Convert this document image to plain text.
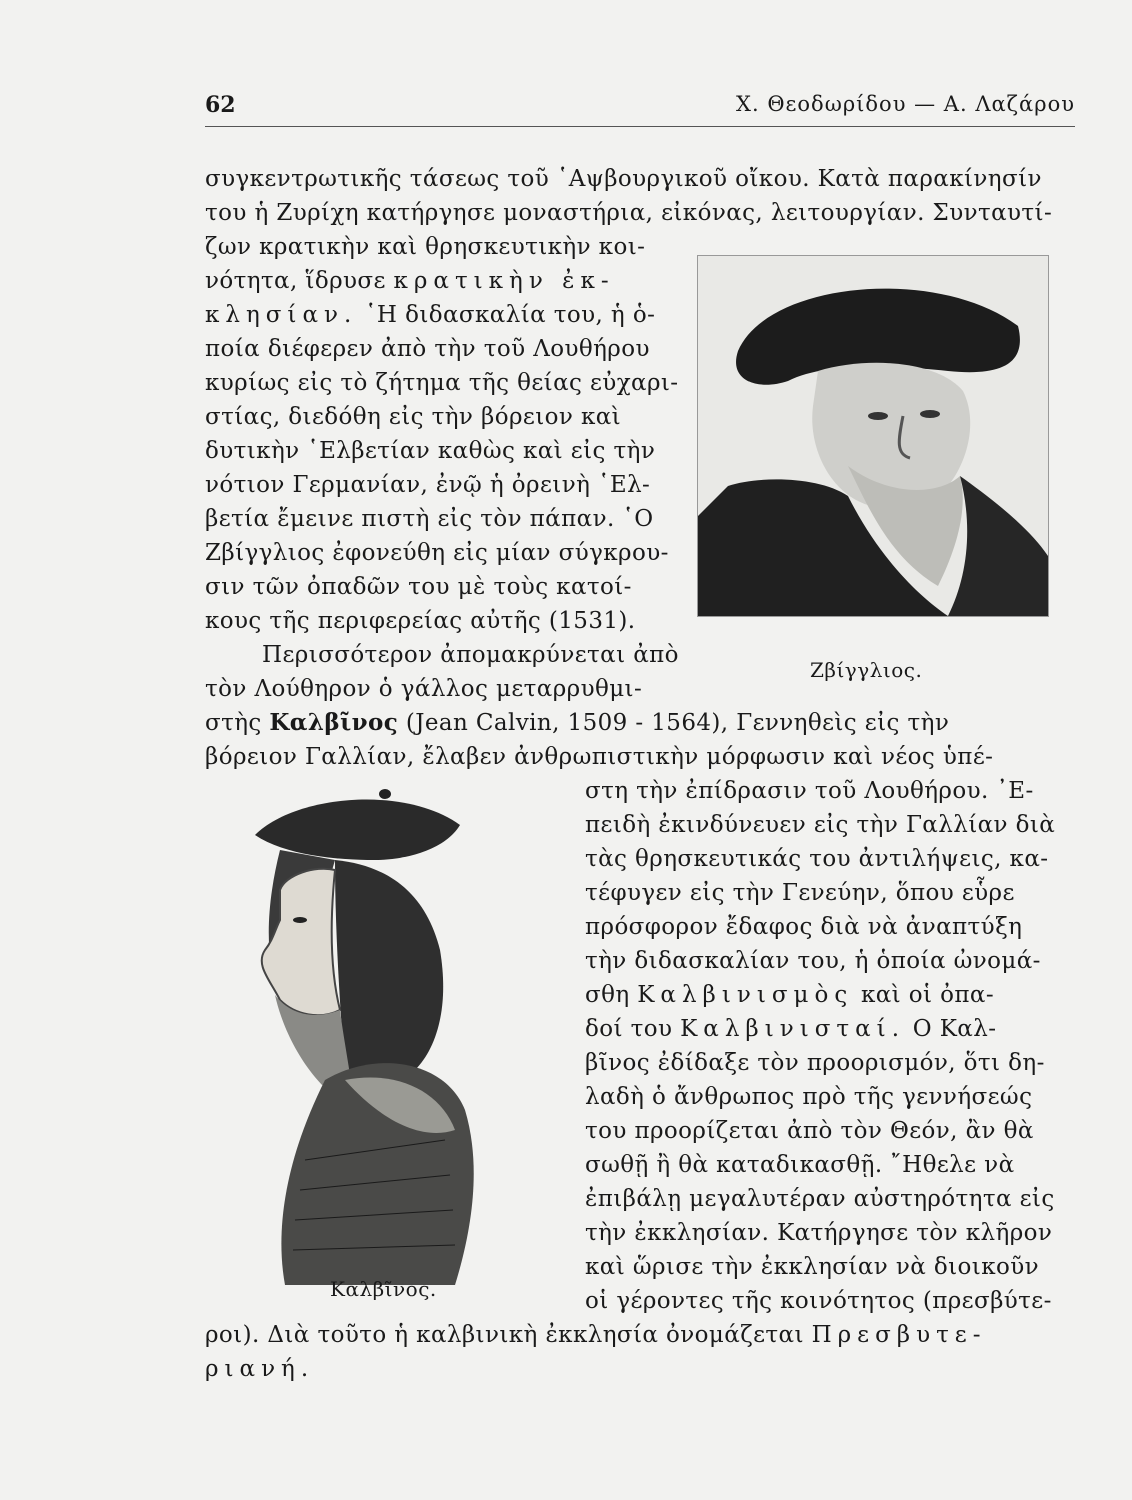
62	Χ. Θεοδωρίδου — Α. Λαζάρου
συγκεντρωτικῆς τάσεως τοῦ ῾Αψβουργικοῦ οἴκου. Κατὰ παρακίνησίν
του ἡ Ζυρίχη κατήργησε μοναστήρια, εἰκόνας, λειτουργίαν. Συνταυτί-
ζων κρατικὴν καὶ θρησκευτικὴν κοι-
νότητα, ἵδρυσε κρατικὴν ἐκ-
κλησίαν. ῾Η διδασκαλία του, ἡ ὁ-
ποία διέφερεν ἀπὸ τὴν τοῦ Λουθήρου
κυρίως εἰς τὸ ζήτημα τῆς θείας εὐχαρι-
στίας, διεδόθη εἰς τὴν βόρειον καὶ
δυτικὴν ῾Ελβετίαν καθὼς καὶ εἰς τὴν
νότιον Γερμανίαν, ἐνῷ ἡ ὀρεινὴ ῾Ελ-
βετία ἔμεινε πιστὴ εἰς τὸν πάπαν. ῾Ο
Ζβίγγλιος ἐφονεύθη εἰς μίαν σύγκρου-
σιν τῶν ὀπαδῶν του μὲ τοὺς κατοί-
κους τῆς περιφερείας αὐτῆς (1531).
Περισσότερον ἀπομακρύνεται ἀπὸ
τὸν Λούθηρον ὁ γάλλος μεταρρυθμι-
στὴς Καλβῖνος (Jean Calvin, 1509 - 1564), Γεννηθεὶς εἰς τὴν
βόρειον Γαλλίαν, ἔλαβεν ἀνθρωπιστικὴν μόρφωσιν καὶ νέος ὑπέ-
στη τὴν ἐπίδρασιν τοῦ Λουθήρου. ᾿Ε-
πειδὴ ἐκινδύνευεν εἰς τὴν Γαλλίαν διὰ
τὰς θρησκευτικάς του ἀντιλήψεις, κα-
τέφυγεν εἰς τὴν Γενεύην, ὅπου εὗρε
πρόσφορον ἔδαφος διὰ νὰ ἀναπτύξη
τὴν διδασκαλίαν του, ἡ ὁποία ὠνομά-
σθη Καλβινισμὸς καὶ οἱ ὀπα-
δοί του Καλβινισταί. Ο Καλ-
βῖνος ἐδίδαξε τὸν προορισμόν, ὅτι δη-
λαδὴ ὁ ἄνθρωπος πρὸ τῆς γεννήσεώς
του προορίζεται ἀπὸ τὸν Θεόν, ἂν θὰ
σωθῇ ἢ θὰ καταδικασθῇ. ῎Ηθελε νὰ
ἐπιβάλῃ μεγαλυτέραν αὐστηρότητα εἰς
τὴν ἐκκλησίαν. Κατήργησε τὸν κλῆρον
καὶ ὥρισε τὴν ἐκκλησίαν νὰ διοικοῦν
οἱ γέροντες τῆς κοινότητος (πρεσβύτε-
ροι). Διὰ τοῦτο ἡ καλβινικὴ ἐκκλησία ὀνομάζεται Πρεσβυτε-
ριανή.
Ζβίγγλιος.
Καλβῖνος.
